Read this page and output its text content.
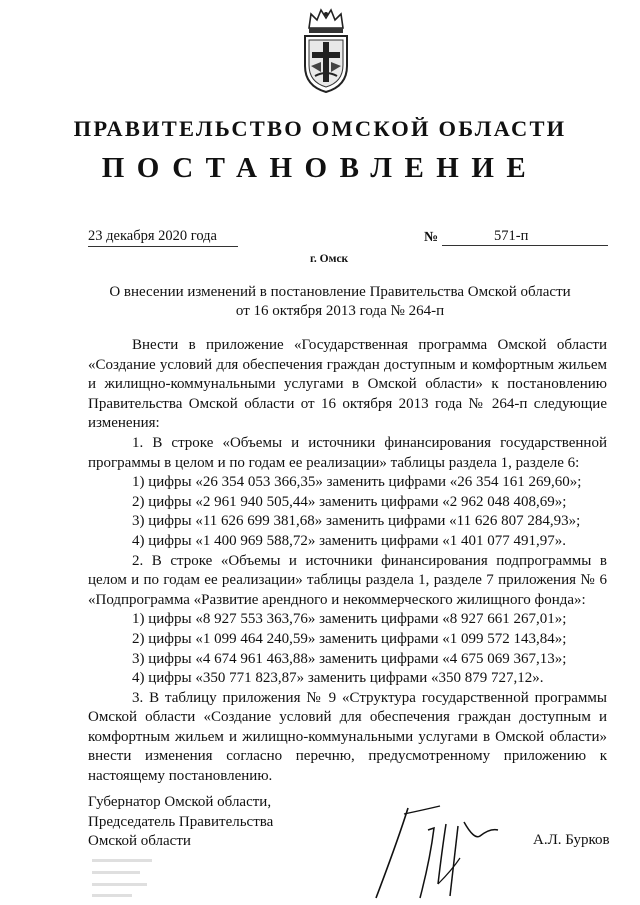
ПРАВИТЕЛЬСТВО ОМСКОЙ ОБЛАСТИ
ПОСТАНОВЛЕНИЕ
23 декабря 2020 года	№	571-п
г. Омск
О внесении изменений в постановление Правительства Омской области
от 16 октября 2013 года № 264-п
Внести в приложение «Государственная программа Омской области «Создание условий для обеспечения граждан доступным и комфортным жильем и жилищно-коммунальными услугами в Омской области» к постановлению Правительства Омской области от 16 октября 2013 года № 264-п следующие изменения:
1. В строке «Объемы и источники финансирования государственной программы в целом и по годам ее реализации» таблицы раздела 1, разделе 6:
1) цифры «26 354 053 366,35» заменить цифрами «26 354 161 269,60»;
2) цифры «2 961 940 505,44» заменить цифрами «2 962 048 408,69»;
3) цифры «11 626 699 381,68» заменить цифрами «11 626 807 284,93»;
4) цифры «1 400 969 588,72» заменить цифрами «1 401 077 491,97».
2. В строке «Объемы и источники финансирования подпрограммы в целом и по годам ее реализации» таблицы раздела 1, разделе 7 приложения № 6 «Подпрограмма «Развитие арендного и некоммерческого жилищного фонда»:
1) цифры «8 927 553 363,76» заменить цифрами «8 927 661 267,01»;
2) цифры «1 099 464 240,59» заменить цифрами «1 099 572 143,84»;
3) цифры «4 674 961 463,88» заменить цифрами «4 675 069 367,13»;
4) цифры «350 771 823,87» заменить цифрами «350 879 727,12».
3. В таблицу приложения № 9 «Структура государственной программы Омской области «Создание условий для обеспечения граждан доступным и комфортным жильем и жилищно-коммунальными услугами в Омской области» внести изменения согласно перечню, предусмотренному приложению к настоящему постановлению.
Губернатор Омской области,
Председатель Правительства
Омской области	А.Л. Бурков
